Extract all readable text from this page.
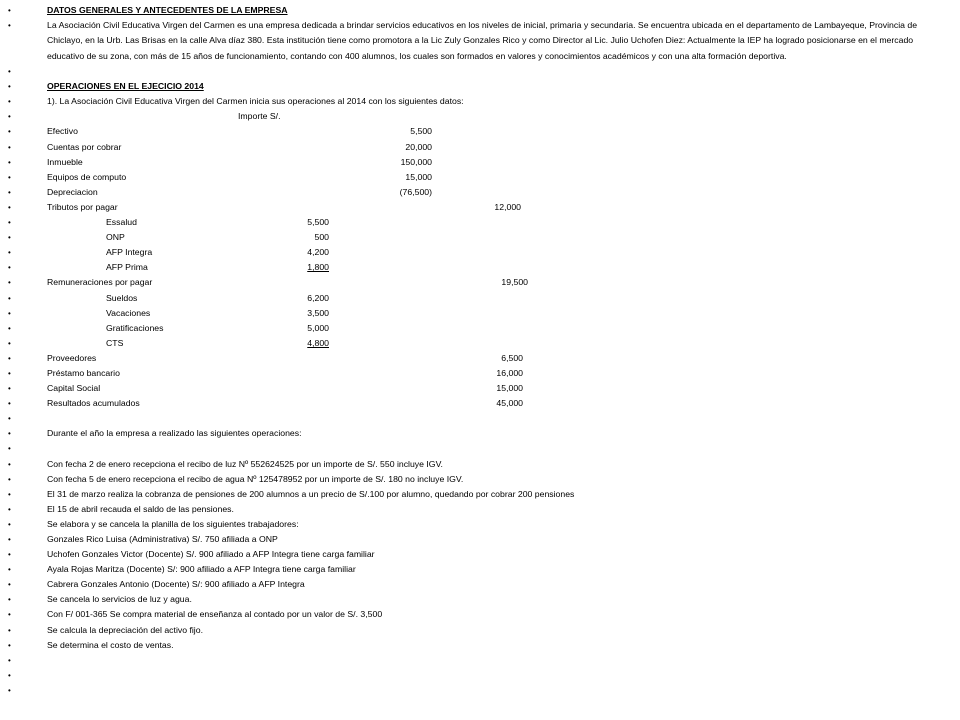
•	DATOS GENERALES Y ANTECEDENTES DE LA EMPRESA
•	La Asociación Civil Educativa Virgen del Carmen es una empresa dedicada a brindar servicios educativos en los niveles de inicial, primaria y secundaria. Se encuentra ubicada en el departamento de Lambayeque, Provincia de Chiclayo, en la Urb. Las Brisas en la calle Alva díaz 380. Esta institución tiene como promotora a la Lic Zuly Gonzales Rico y como Director al Lic. Julio Uchofen Diez: Actualmente la IEP ha logrado posicionarse en el mercado educativo de su zona, con más de 15 años de funcionamiento, contando con 400 alumnos, los cuales son formados en valores y conocimientos académicos y con una alta formación deportiva.
•
•	OPERACIONES EN EL EJECICIO 2014
•	1). La Asociación Civil Educativa Virgen del Carmen inicia sus operaciones al 2014 con los siguientes datos:
•	Importe S/.
•	Efectivo	5,500
•	Cuentas por cobrar	20,000
•	Inmueble	150,000
•	Equipos de computo	15,000
•	Depreciacion	(76,500)
•	Tributos por pagar	12,000
•	Essalud	5,500
•	ONP	500
•	AFP Integra	4,200
•	AFP Prima	1,800
•	Remuneraciones por pagar	19,500
•	Sueldos	6,200
•	Vacaciones	3,500
•	Gratificaciones	5,000
•	CTS	4,800
•	Proveedores	6,500
•	Préstamo bancario	16,000
•	Capital Social	15,000
•	Resultados acumulados	45,000
•
•	Durante el año la empresa a realizado las siguientes operaciones:
•
•	Con fecha 2 de enero recepciona el recibo de luz Nº 552624525 por un importe de S/. 550 incluye IGV.
•	Con fecha 5 de enero recepciona el recibo de agua Nº 125478952 por un importe de S/. 180 no incluye IGV.
•	El 31 de marzo realiza la cobranza de pensiones de 200 alumnos a un precio de S/.100 por alumno, quedando por cobrar 200 pensiones
•	El 15 de abril recauda el saldo de las pensiones.
•	Se elabora y se cancela la planilla de los siguientes trabajadores:
•	Gonzales Rico Luisa (Administrativa) S/. 750 afiliada a ONP
•	Uchofen Gonzales Victor (Docente) S/. 900 afiliado a AFP Integra tiene carga familiar
•	Ayala Rojas Maritza (Docente) S/: 900 afiliado a AFP Integra tiene carga familiar
•	Cabrera Gonzales Antonio (Docente) S/: 900 afiliado a AFP Integra
•	Se cancela lo servicios de luz y agua.
•	Con F/ 001-365 Se compra material de enseñanza al contado por un valor de S/. 3,500
•	Se calcula la depreciación del activo fijo.
•	Se determina el costo de ventas.
•
•
•
